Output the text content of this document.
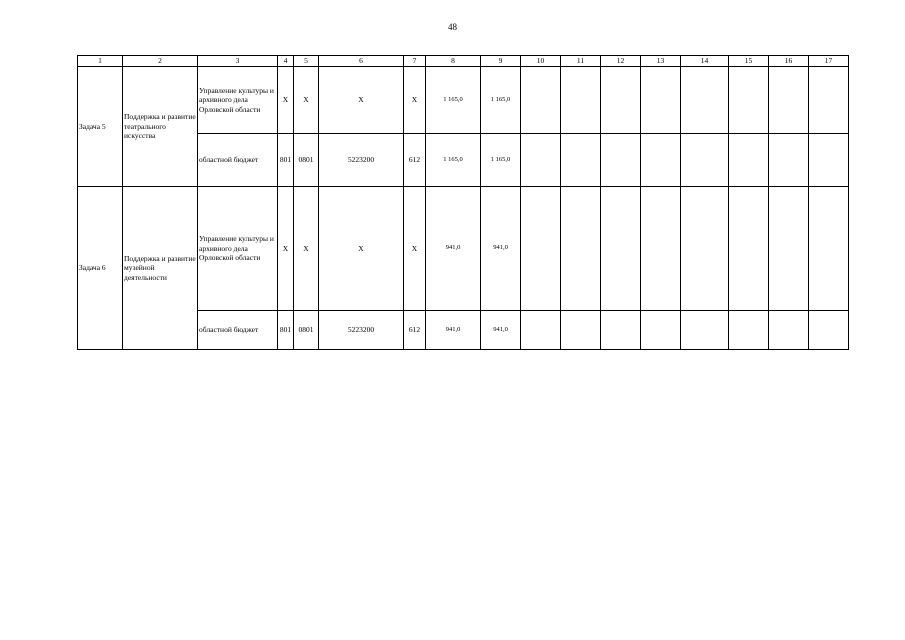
48
1	2	3	4	5	6	7	8	9	10	11	12	13	14	15	16	17
Задача 5	Поддержка и развитие театрального искусства	Управление культуры и архивного дела Орловской области	Х	Х	Х	Х	1 165,0	1 165,0								
		областной бюджет	801	0801	5223200	612	1 165,0	1 165,0								
Задача 6	Поддержка и развитие музейной деятельности	Управление культуры и архивного дела Орловской области	Х	Х	Х	Х	941,0	941,0								
		областной бюджет	801	0801	5223200	612	941,0	941,0								
